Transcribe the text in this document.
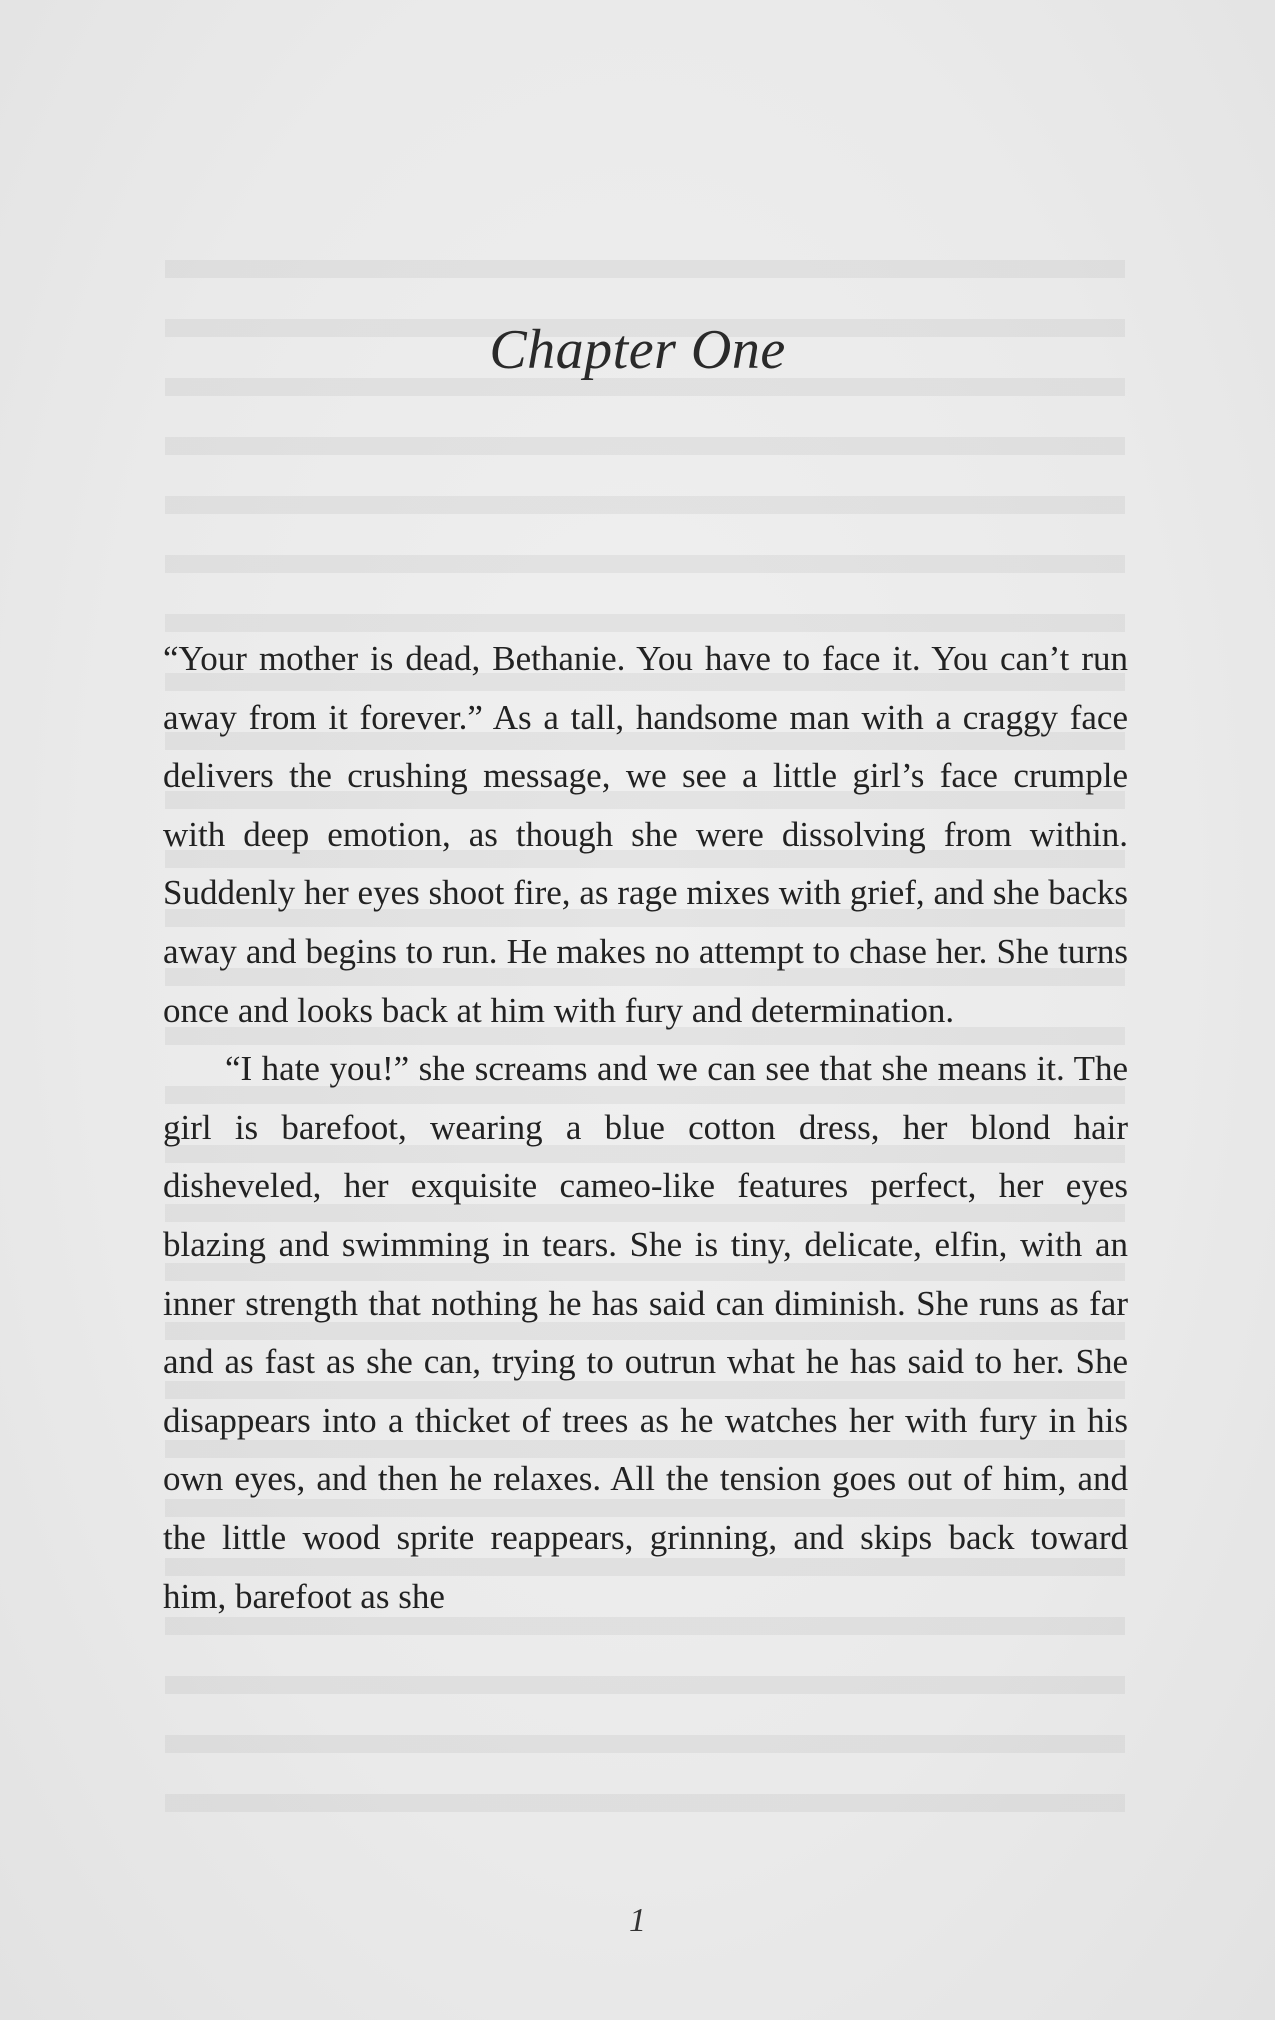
Chapter One

“Your mother is dead, Bethanie. You have to face it. You can’t run away from it forever.” As a tall, handsome man with a craggy face delivers the crushing message, we see a little girl’s face crumple with deep emotion, as though she were dissolving from within. Suddenly her eyes shoot fire, as rage mixes with grief, and she backs away and begins to run. He makes no attempt to chase her. She turns once and looks back at him with fury and determination.

“I hate you!” she screams and we can see that she means it. The girl is barefoot, wearing a blue cotton dress, her blond hair disheveled, her exquisite cameo-like features perfect, her eyes blazing and swimming in tears. She is tiny, delicate, elfin, with an inner strength that nothing he has said can diminish. She runs as far and as fast as she can, trying to outrun what he has said to her. She disappears into a thicket of trees as he watches her with fury in his own eyes, and then he relaxes. All the tension goes out of him, and the little wood sprite reappears, grinning, and skips back toward him, barefoot as she

1
